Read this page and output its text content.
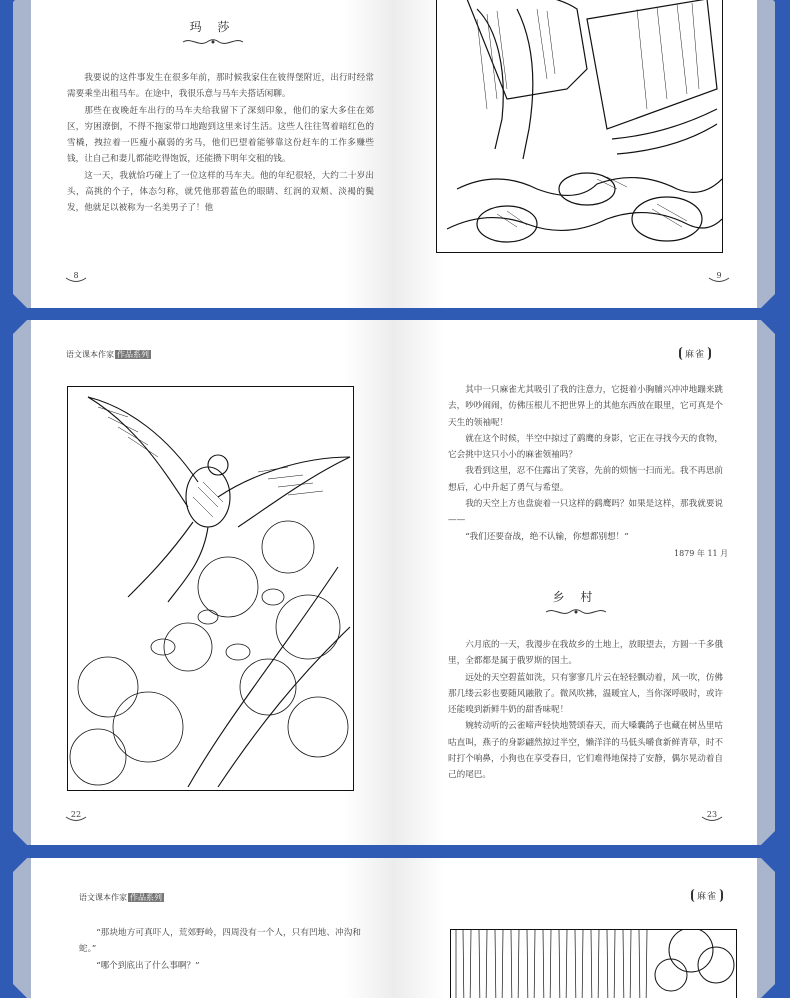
玛 莎

我要说的这件事发生在很多年前，那时候我家住在彼得堡附近，出行时经常需要乘坐出租马车。在途中，我很乐意与马车夫搭话闲聊。

那些在夜晚赶车出行的马车夫给我留下了深刻印象，他们的家大多住在郊区，穷困潦倒，不得不拖家带口地跑到这里来讨生活。这些人往往驾着暗红色的雪橇，拽拉着一匹瘦小羸弱的劣马，他们巴望着能够靠这份赶车的工作多赚些钱，让自己和妻儿都能吃得饱饭，还能攒下明年交租的钱。

这一天，我就恰巧碰上了一位这样的马车夫。他的年纪很轻，大约二十岁出头，高挑的个子，体态匀称，就凭他那碧蓝色的眼睛、红润的双颊、淡褐的鬓发，他就足以被称为一名美男子了！他

8	9
语文课本作家 作品系列
22
麻雀

其中一只麻雀尤其吸引了我的注意力，它挺着小胸脯兴冲冲地蹦来跳去，吵吵闹闹，仿佛压根儿不把世界上的其他东西放在眼里，它可真是个天生的领袖呢！

就在这个时候，半空中掠过了鹞鹰的身影，它正在寻找今天的食物，它会挑中这只小小的麻雀领袖吗？

我看到这里，忍不住露出了笑容，先前的烦恼一扫而光。我不再思前想后，心中升起了勇气与希望。

我的天空上方也盘旋着一只这样的鹞鹰吗？如果是这样，那我就要说——

“我们还要奋战，绝不认输，你想都别想！”

1879 年 11 月
乡 村

六月底的一天，我漫步在我故乡的土地上，放眼望去，方圆一千多俄里，全都都是属于俄罗斯的国土。

远处的天空碧蓝如洗，只有寥寥几片云在轻轻飘动着，风一吹，仿佛那几缕云彩也要随风融散了。微风吹拂，温暖宜人，当你深呼吸时，或许还能嗅到新鲜牛奶的甜香味呢！

婉转动听的云雀啼声轻快地赞颂春天，而大嗓囊鸽子也藏在树丛里咕咕直叫，燕子的身影翩然掠过半空，懒洋洋的马低头嚼食新鲜青草，时不时打个响鼻，小狗也在享受春日，它们难得地保持了安静，偶尔晃动着自己的尾巴。

23
语文课本作家 作品系列

“那块地方可真吓人，荒郊野岭，四周没有一个人，只有凹地、冲沟和蛇。”

“哪个到底出了什么事啊？”

麻雀
